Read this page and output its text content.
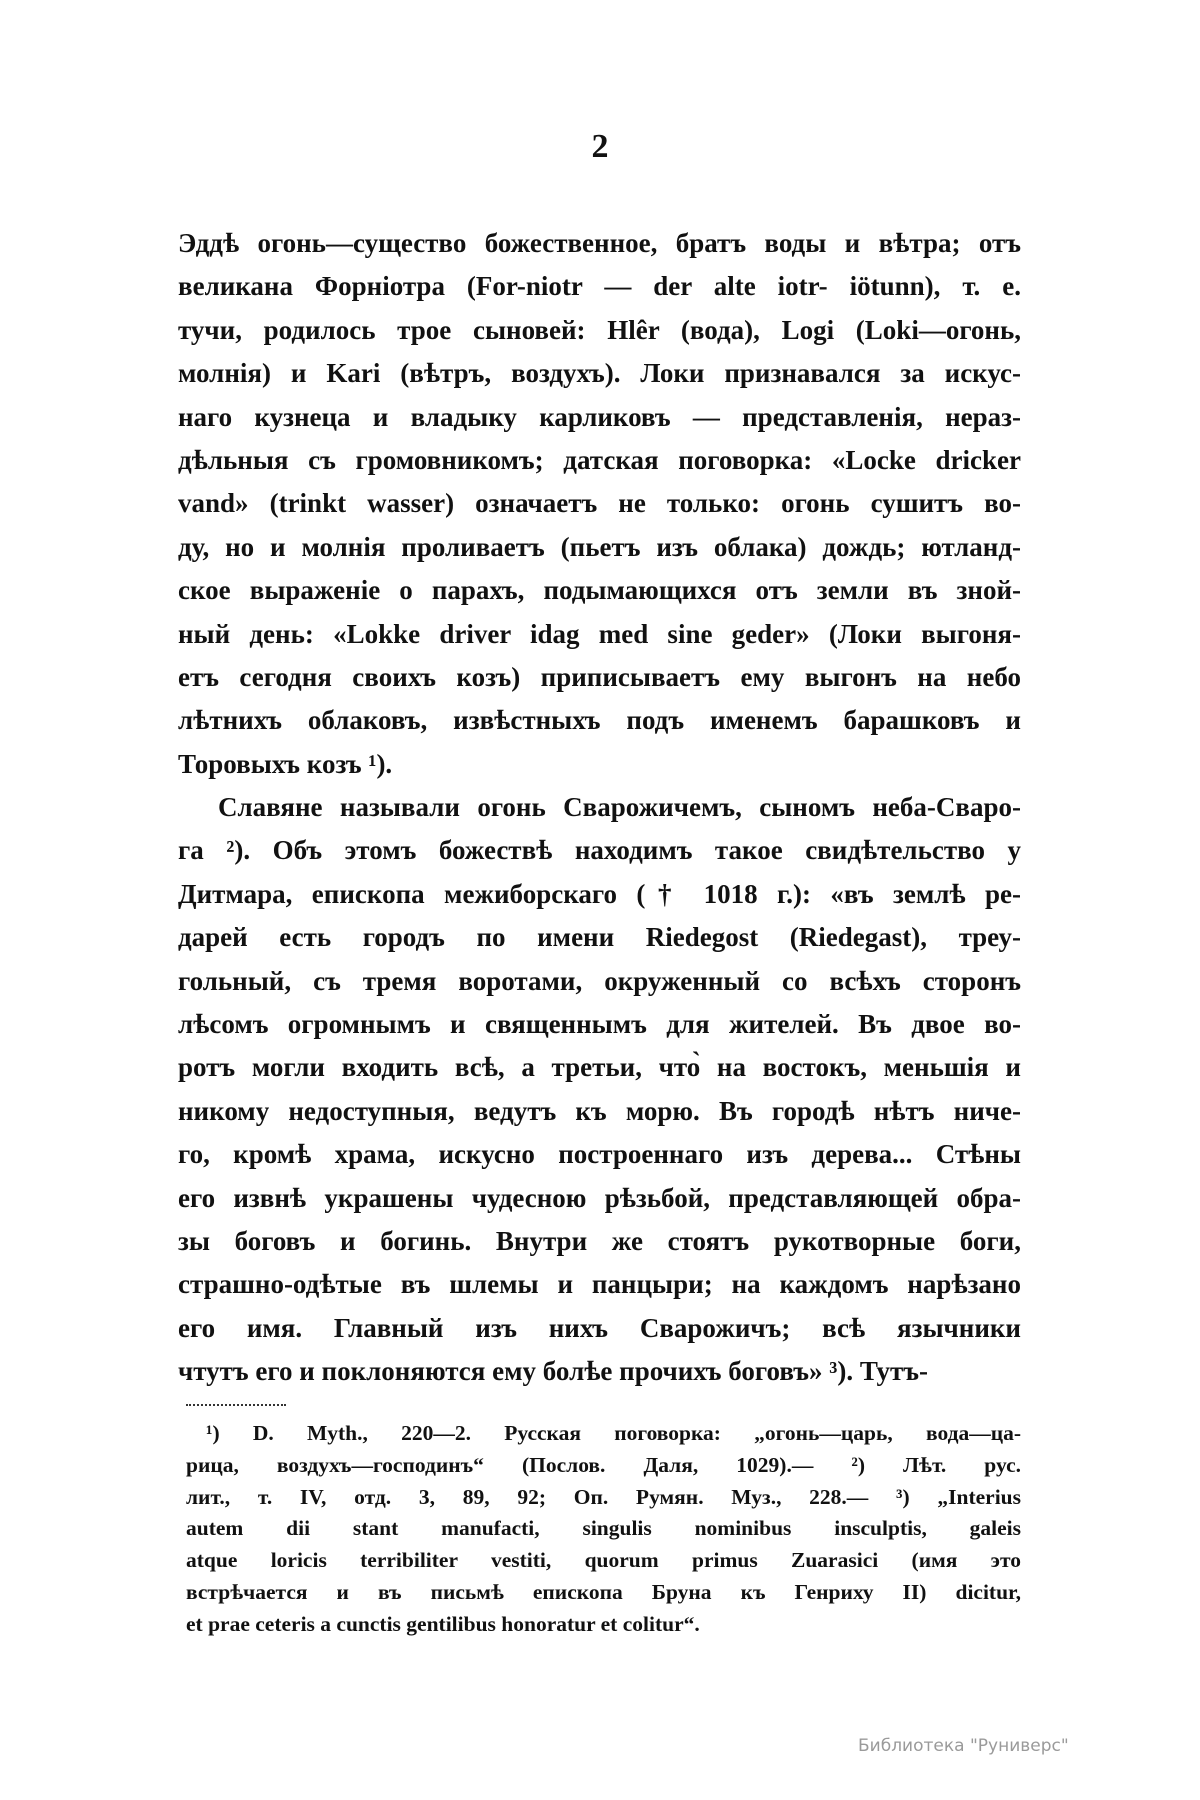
2
Эддѣ огонь—существо божественное, братъ воды и вѣтра; отъ
великана Форніотра (For-niotr — der alte iotr- iötunn), т. е.
тучи, родилось трое сыновей: Hlêr (вода), Logi (Loki—огонь,
молнія) и Kari (вѣтръ, воздухъ). Локи признавался за искус-
наго кузнеца и владыку карликовъ — представленія, нераз-
дѣльныя съ громовникомъ; датская поговорка: «Locke dricker
vand» (trinkt wasser) означаетъ не только: огонь сушитъ во-
ду, но и молнія проливаетъ (пьетъ изъ облака) дождь; ютланд-
ское выраженіе о парахъ, подымающихся отъ земли въ зной-
ный день: «Lokke driver idag med sine geder» (Локи выгоня-
етъ сегодня своихъ козъ) приписываетъ ему выгонъ на небо
лѣтнихъ облаковъ, извѣстныхъ подъ именемъ барашковъ и
Торовыхъ козъ ¹).
Славяне называли огонь Сварожичемъ, сыномъ неба-Сваро-
га ²). Объ этомъ божествѣ находимъ такое свидѣтельство у
Дитмара, епископа межиборскаго († 1018 г.): «въ землѣ ре-
дарей есть городъ по имени Riedegost (Riedegast), треу-
гольный, съ тремя воротами, окруженный со всѣхъ сторонъ
лѣсомъ огромнымъ и священнымъ для жителей. Въ двое во-
ротъ могли входить всѣ, а третьи, что̀ на востокъ, меньшія и
никому недоступныя, ведутъ къ морю. Въ городѣ нѣтъ ниче-
го, кромѣ храма, искусно построеннаго изъ дерева... Стѣны
его извнѣ украшены чудесною рѣзьбой, представляющей обра-
зы боговъ и богинь. Внутри же стоятъ рукотворные боги,
страшно-одѣтые въ шлемы и панцыри; на каждомъ нарѣзано
его имя. Главный изъ нихъ Сварожичъ; всѣ язычники
чтутъ его и поклоняются ему болѣе прочихъ боговъ» ³). Тутъ-
¹) D. Myth., 220—2. Русская поговорка: „огонь—царь, вода—ца-
рица, воздухъ—господинъ“ (Послов. Даля, 1029).— ²) Лѣт. рус.
лит., т. IV, отд. 3, 89, 92; Оп. Румян. Муз., 228.— ³) „Interius
autem dii stant manufacti, singulis nominibus insculptis, galeis
atque loricis terribiliter vestiti, quorum primus Zuarasici (имя это
встрѣчается и въ письмѣ епископа Бруна къ Генриху II) dicitur,
et prae ceteris a cunctis gentilibus honoratur et colitur“.
Библиотека "Руниверс"
